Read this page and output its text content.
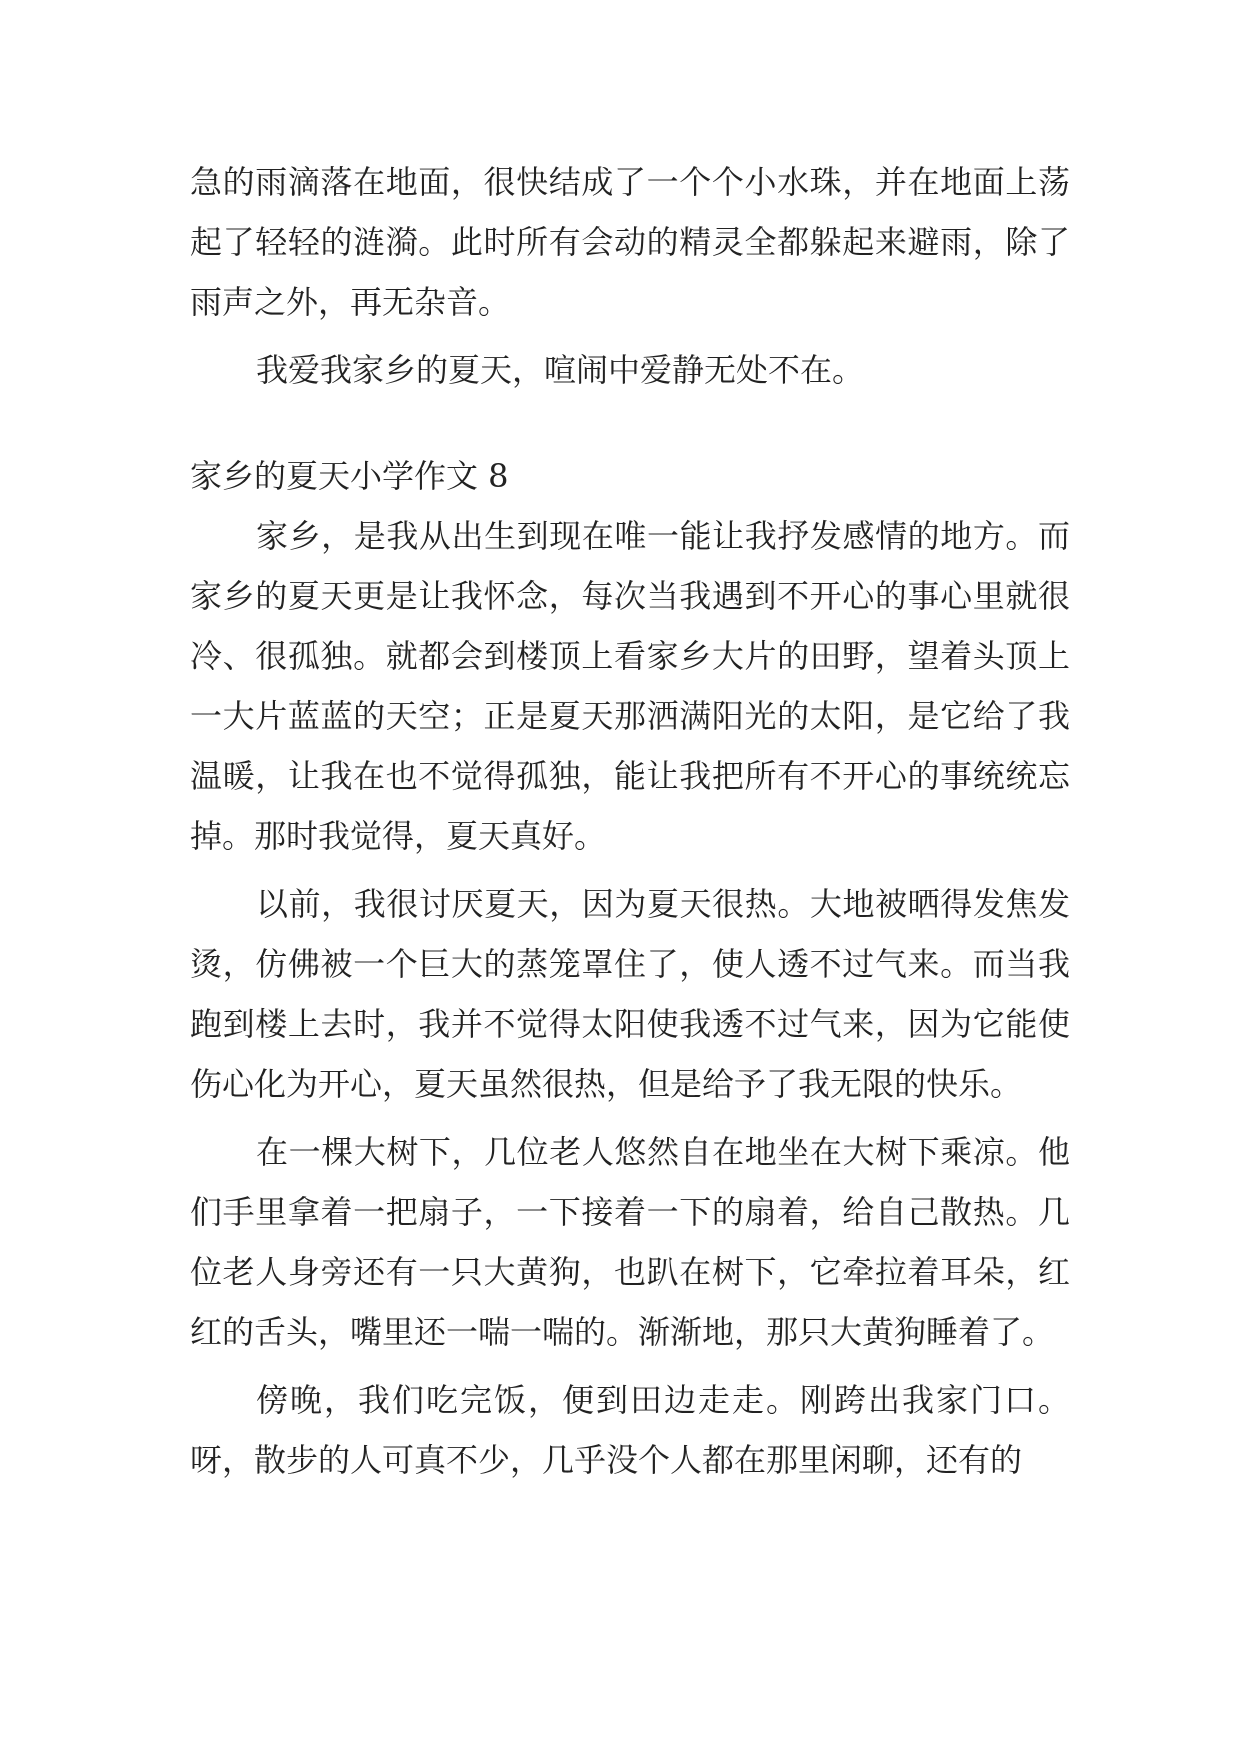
急的雨滴落在地面，很快结成了一个个小水珠，并在地面上荡起了轻轻的涟漪。此时所有会动的精灵全都躲起来避雨，除了雨声之外，再无杂音。

我爱我家乡的夏天，喧闹中爱静无处不在。

家乡的夏天小学作文 8

家乡，是我从出生到现在唯一能让我抒发感情的地方。而家乡的夏天更是让我怀念，每次当我遇到不开心的事心里就很冷、很孤独。就都会到楼顶上看家乡大片的田野，望着头顶上一大片蓝蓝的天空；正是夏天那洒满阳光的太阳，是它给了我温暖，让我在也不觉得孤独，能让我把所有不开心的事统统忘掉。那时我觉得，夏天真好。

以前，我很讨厌夏天，因为夏天很热。大地被晒得发焦发烫，仿佛被一个巨大的蒸笼罩住了，使人透不过气来。而当我跑到楼上去时，我并不觉得太阳使我透不过气来，因为它能使伤心化为开心，夏天虽然很热，但是给予了我无限的快乐。

在一棵大树下，几位老人悠然自在地坐在大树下乘凉。他们手里拿着一把扇子，一下接着一下的扇着，给自己散热。几位老人身旁还有一只大黄狗，也趴在树下，它牵拉着耳朵，红红的舌头，嘴里还一喘一喘的。渐渐地，那只大黄狗睡着了。

傍晚，我们吃完饭，便到田边走走。刚跨出我家门口。呀，散步的人可真不少，几乎没个人都在那里闲聊，还有的
